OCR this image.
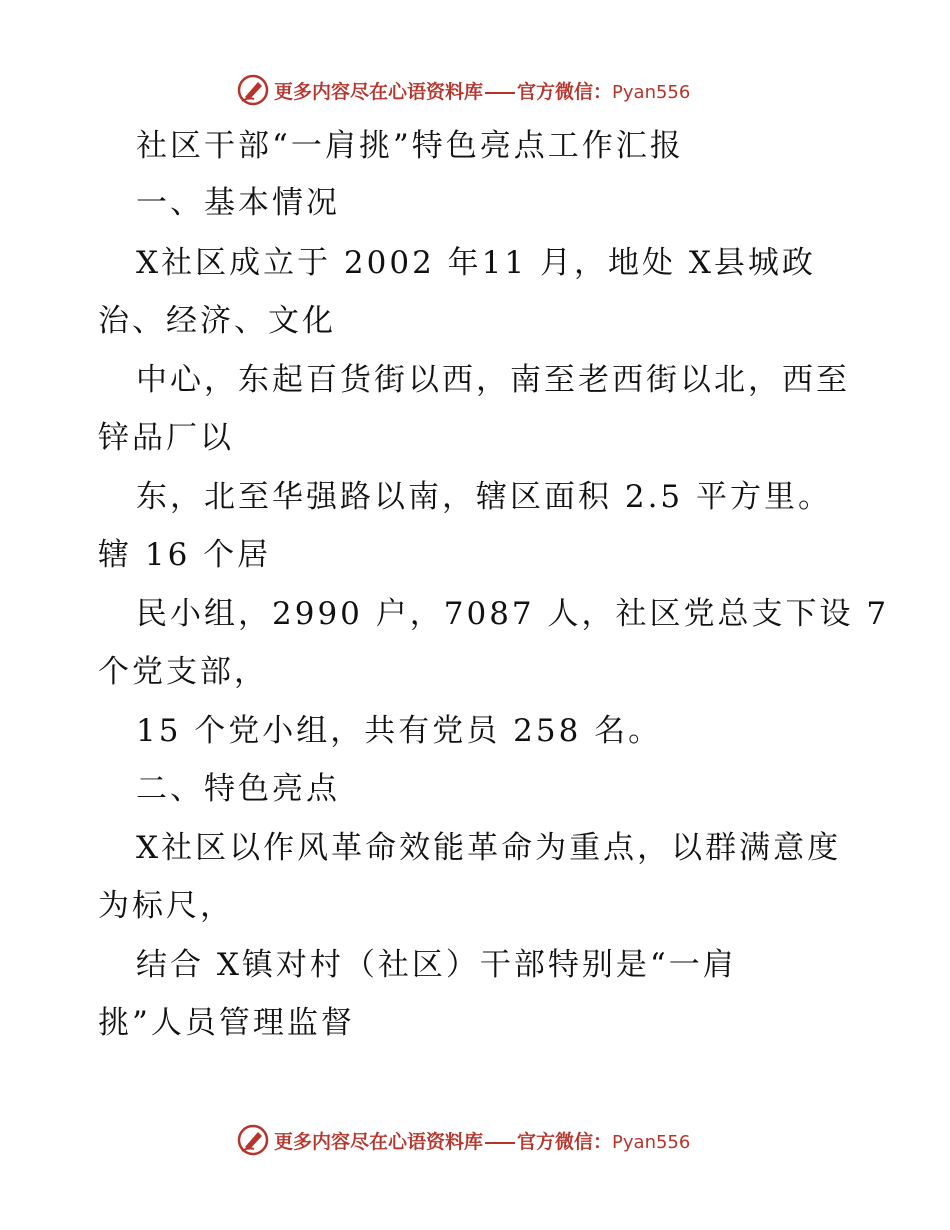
更多内容尽在心语资料库 官方微信：Pyan556
社区干部“一肩挑”特色亮点工作汇报
一、基本情况
X社区成立于 2002 年11 月，地处 X县城政
治、经济、文化
中心，东起百货街以西，南至老西街以北，西至
锌品厂以
东，北至华强路以南，辖区面积 2.5 平方里。
辖 16 个居
民小组，2990 户，7087 人，社区党总支下设 7
个党支部，
15 个党小组，共有党员 258 名。
二、特色亮点
X社区以作风革命效能革命为重点，以群满意度
为标尺，
结合 X镇对村（社区）干部特别是“一肩
挑”人员管理监督
更多内容尽在心语资料库 官方微信：Pyan556
